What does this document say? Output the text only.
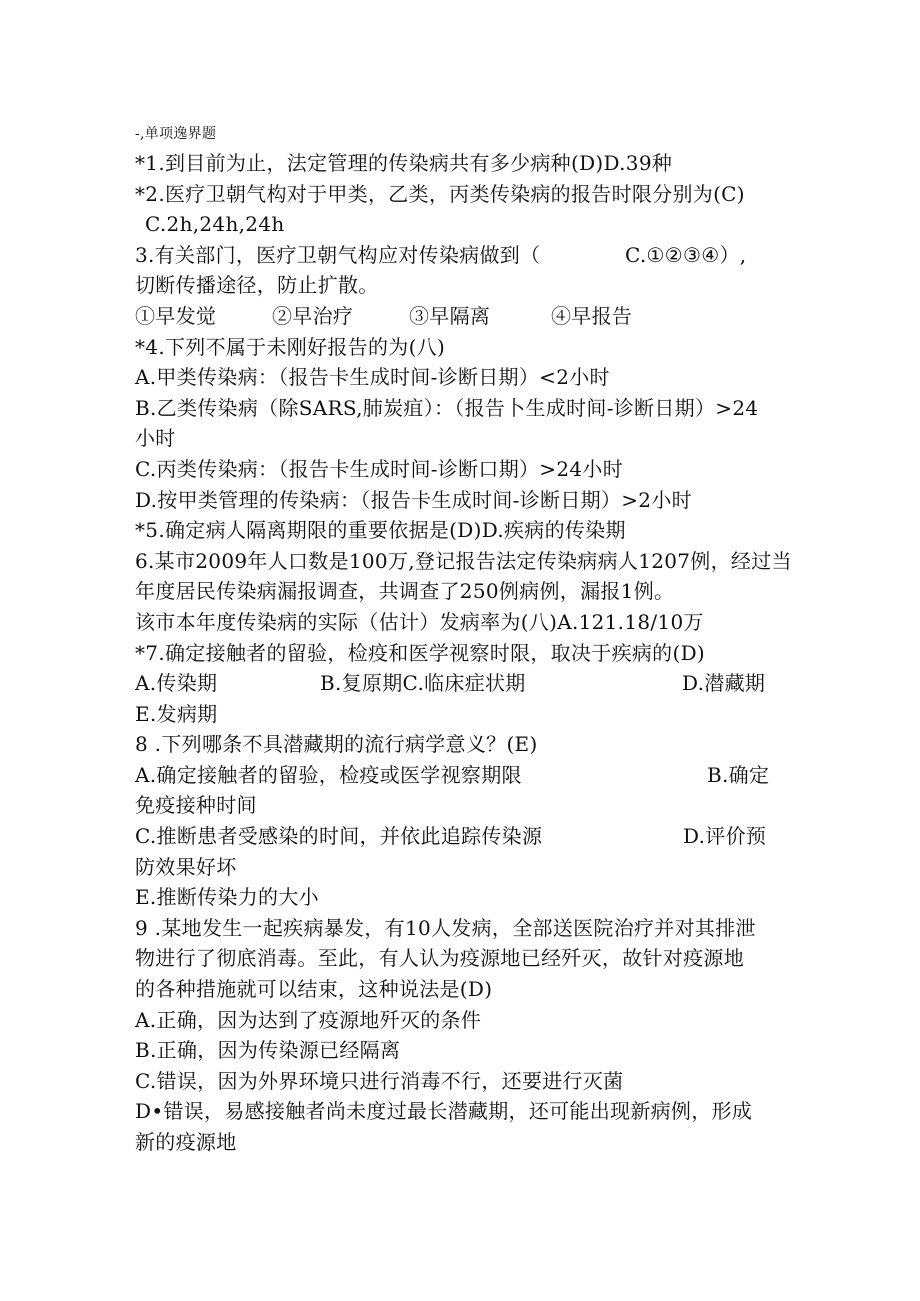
-,单项逸界题
*1.到目前为止，法定管理的传染病共有多少病种(D)D.39种
*2.医疗卫朝气构对于甲类，乙类，丙类传染病的报告时限分别为(C)
C.2h,24h,24h
3.有关部门，医疗卫朝气构应对传染病做到（	C.①②③④）,
切断传播途径，防止扩散。
①早发觉	②早治疗	③早隔离	④早报告
*4.下列不属于未刚好报告的为(八)
A.甲类传染病：（报告卡生成时间-诊断日期）<2小时
B.乙类传染病（除SARS,肺炭疽）：（报告卜生成时间-诊断日期）>24
小时
C.丙类传染病：（报告卡生成时间-诊断口期）>24小时
D.按甲类管理的传染病：（报告卡生成时间-诊断日期）>2小时
*5.确定病人隔离期限的重要依据是(D)D.疾病的传染期
6.某市2009年人口数是100万,登记报告法定传染病病人1207例，经过当
年度居民传染病漏报调查，共调查了250例病例，漏报1例。
该市本年度传染病的实际（估计）发病率为(八)A.121.18/10万
*7.确定接触者的留验，检疫和医学视察时限，取决于疾病的(D)
A.传染期	B.复原期C.临床症状期	D.潜藏期
E.发病期
8 .下列哪条不具潜藏期的流行病学意义？(E)
A.确定接触者的留验，检疫或医学视察期限	B.确定
免疫接种时间
C.推断患者受感染的时间，并依此追踪传染源	D.评价预
防效果好坏
E.推断传染力的大小
9 .某地发生一起疾病暴发，有10人发病，全部送医院治疗并对其排泄
物进行了彻底消毒。至此，有人认为疫源地已经歼灭，故针对疫源地
的各种措施就可以结束，这种说法是(D)
A.正确，因为达到了疫源地歼灭的条件
B.正确，因为传染源已经隔离
C.错误，因为外界环境只进行消毒不行，还要进行灭菌
D•错误，易感接触者尚未度过最长潜藏期，还可能出现新病例，形成
新的疫源地
